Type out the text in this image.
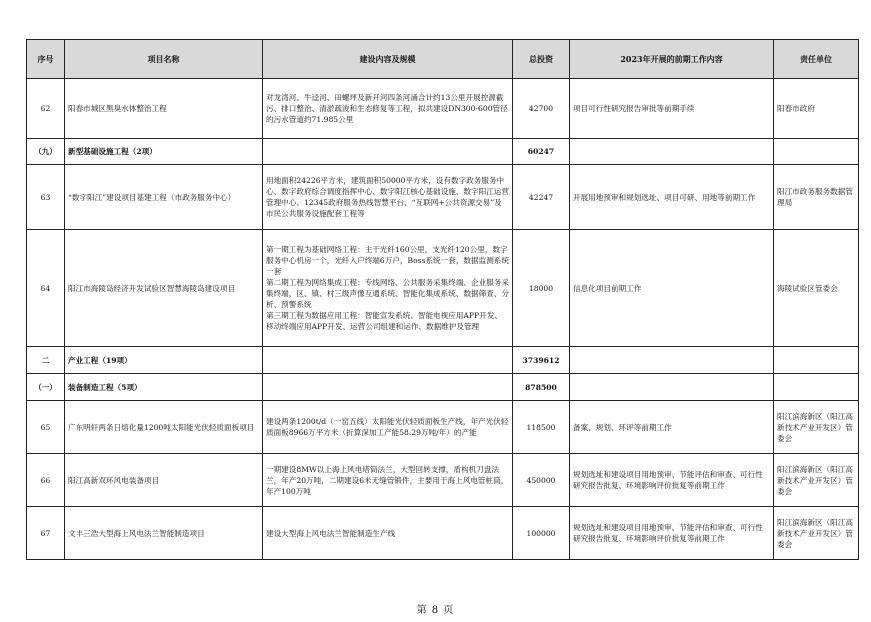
序号	项目名称	建设内容及规模	总投资	2023年开展的前期工作内容	责任单位
62	阳春市城区黑臭水体整治工程	对龙湾河、牛迳河、田螺坪及新开河四条河涌合计约13公里开展控源截污、排口整治、清淤疏浚和生态修复等工程，拟共建设DN300-600管径的污水管道约71.985公里	42700	项目可行性研究报告审批等前期手续	阳春市政府
（九）	新型基础设施工程（2项）		60247		
63	“数字阳江”建设项目基建工程（市政务服务中心）	用地面积24226平方米，建筑面积50000平方米，设有数字政务服务中心、数字政府综合调度指挥中心、数字阳江核心基础设施、数字阳江运营管理中心、12345政府服务热线智慧平台、“互联网+公共资源交易”及市民公共服务设施配套工程等	42247	开展用地预审和规划选址、项目可研、用地等前期工作	阳江市政务服务数据管理局
64	阳江市海陵岛经济开发试验区智慧海陵岛建设项目	第一期工程为基础网络工程：主干光纤160公里，支光纤120公里，数字服务中心机房一个，光纤入户终端6万户，Boss系统一套，数据监测系统一套
第二期工程为网络集成工程：专线网络、公共服务采集终端、企业服务采集终端，区、镇、村三级声像互通系统、智能化集成系统、数据筛查、分析、预警系统
第三期工程为数据应用工程：智能宣发系统、智能电视应用APP开发、移动终端应用APP开发、运营公司组建和运作、数据维护及管理	18000	信息化项目前期工作	海陵试验区管委会
二	产业工程（19项）		3739612		
（一）	装备制造工程（5项）		878500		
65	广东明轩两条日熔化量1200吨太阳能光伏轻质面板项目	建设两条1200t/d（一窑五线）太阳能光伏轻质面板生产线，年产光伏轻质面板8966万平方米（折算深加工产能58.29万吨/年）的产能	118500	备案、规划、环评等前期工作	阳江滨海新区（阳江高新技术产业开发区）管委会
66	阳江高新双环风电装备项目	一期建设8MW以上海上风电塔筒法兰，大型回转支撑，盾构机刀盘法兰，年产20万吨，二期建设6米无缝管锻件，主要用于海上风电管桩筒，年产100万吨	450000	规划选址和建设项目用地预审、节能评估和审查、可行性研究报告批复、环境影响评价批复等前期工作	阳江滨海新区（阳江高新技术产业开发区）管委会
67	文丰三浩大型海上风电法兰智能制造项目	建设大型海上风电法兰智能制造生产线	100000	规划选址和建设项目用地预审、节能评估和审查、可行性研究报告批复、环境影响评价批复等前期工作	阳江滨海新区（阳江高新技术产业开发区）管委会
第 8 页
